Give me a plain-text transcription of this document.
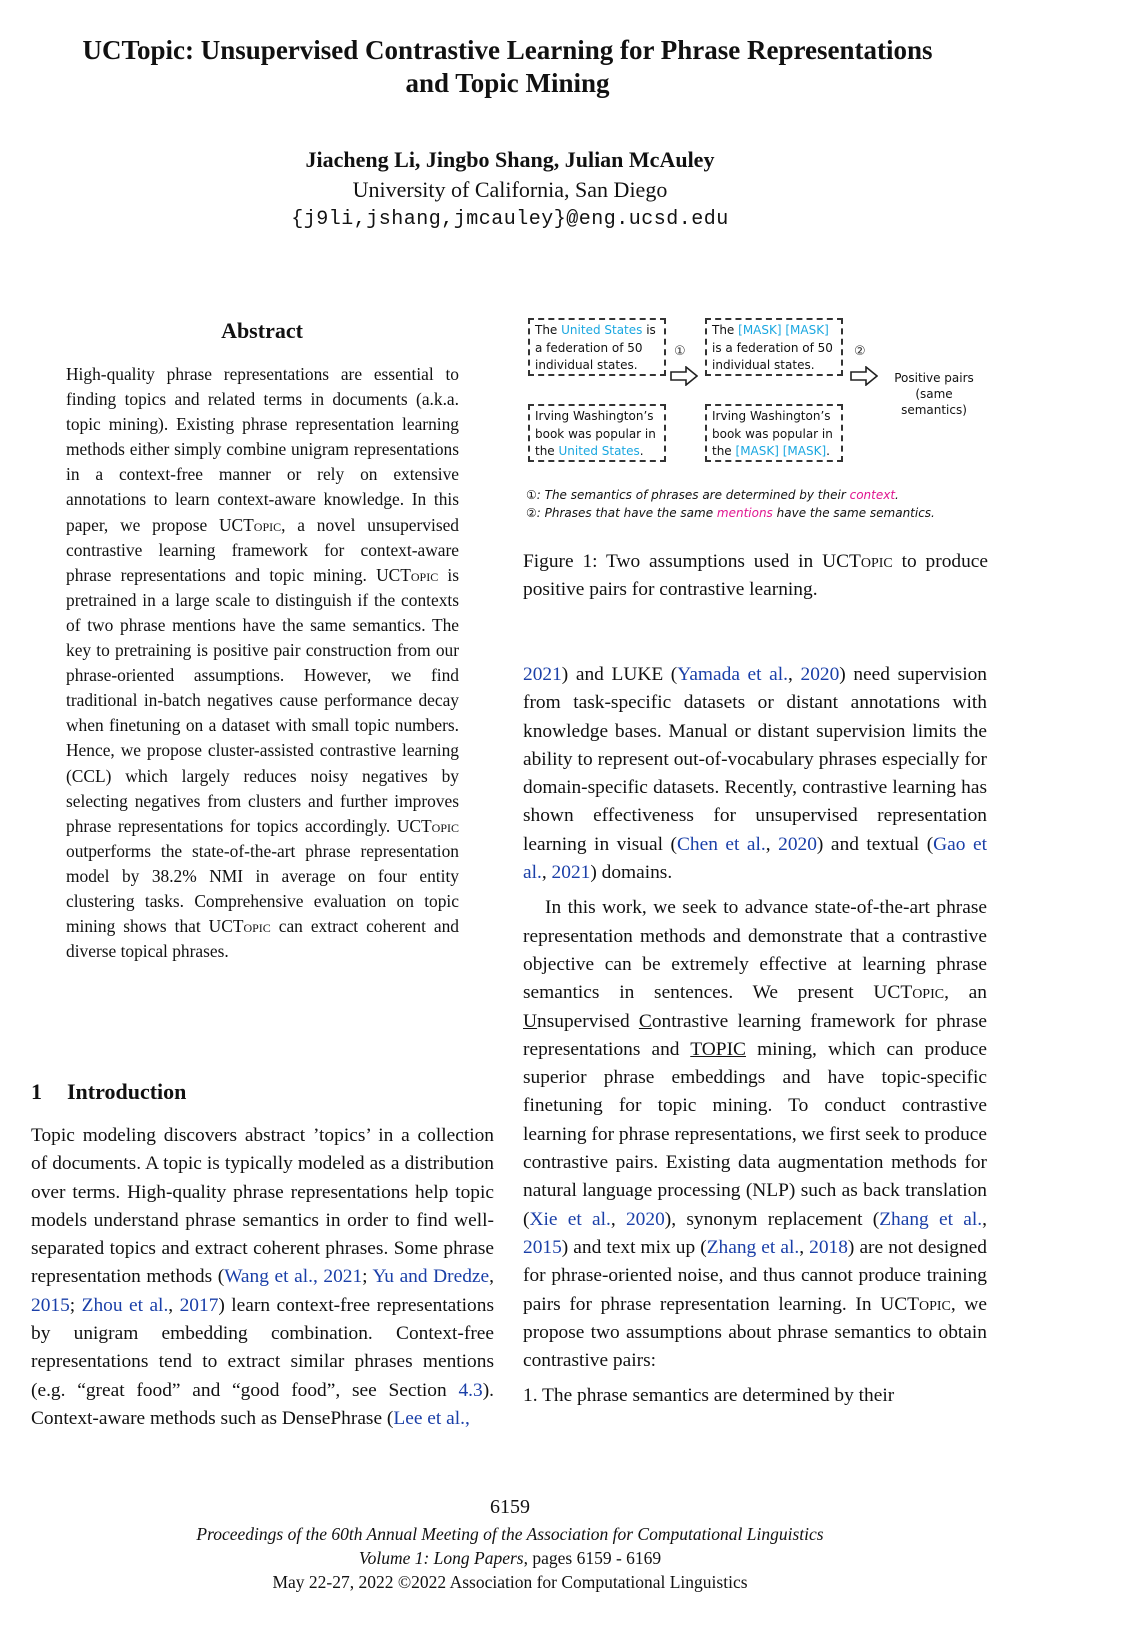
UCTopic: Unsupervised Contrastive Learning for Phrase Representations
and Topic Mining
Jiacheng Li, Jingbo Shang, Julian McAuley
University of California, San Diego
{j9li,jshang,jmcauley}@eng.ucsd.edu
Abstract
High-quality phrase representations are essential to finding topics and related terms in documents (a.k.a. topic mining). Existing phrase representation learning methods either simply combine unigram representations in a context-free manner or rely on extensive annotations to learn context-aware knowledge. In this paper, we propose UCTopic, a novel unsupervised contrastive learning framework for context-aware phrase representations and topic mining. UCTopic is pretrained in a large scale to distinguish if the contexts of two phrase mentions have the same semantics. The key to pretraining is positive pair construction from our phrase-oriented assumptions. However, we find traditional in-batch negatives cause performance decay when finetuning on a dataset with small topic numbers. Hence, we propose cluster-assisted contrastive learning (CCL) which largely reduces noisy negatives by selecting negatives from clusters and further improves phrase representations for topics accordingly. UCTopic outperforms the state-of-the-art phrase representation model by 38.2% NMI in average on four entity clustering tasks. Comprehensive evaluation on topic mining shows that UCTopic can extract coherent and diverse topical phrases.
1 Introduction
Topic modeling discovers abstract ’topics’ in a collection of documents. A topic is typically modeled as a distribution over terms. High-quality phrase representations help topic models understand phrase semantics in order to find well-separated topics and extract coherent phrases. Some phrase representation methods (Wang et al., 2021; Yu and Dredze, 2015; Zhou et al., 2017) learn context-free representations by unigram embedding combination. Context-free representations tend to extract similar phrases mentions (e.g. “great food” and “good food”, see Section 4.3). Context-aware methods such as DensePhrase (Lee et al.,
The United States is a federation of 50 individual states.
Irving Washington’s book was popular in the United States.
①
The [MASK] [MASK] is a federation of 50 individual states.
Irving Washington’s book was popular in the [MASK] [MASK].
②
Positive pairs (same semantics)
①: The semantics of phrases are determined by their context.
②: Phrases that have the same mentions have the same semantics.
Figure 1: Two assumptions used in UCTopic to produce positive pairs for contrastive learning.

2021) and LUKE (Yamada et al., 2020) need supervision from task-specific datasets or distant annotations with knowledge bases. Manual or distant supervision limits the ability to represent out-of-vocabulary phrases especially for domain-specific datasets. Recently, contrastive learning has shown effectiveness for unsupervised representation learning in visual (Chen et al., 2020) and textual (Gao et al., 2021) domains.

In this work, we seek to advance state-of-the-art phrase representation methods and demonstrate that a contrastive objective can be extremely effective at learning phrase semantics in sentences. We present UCTopic, an Unsupervised Contrastive learning framework for phrase representations and TOPIC mining, which can produce superior phrase embeddings and have topic-specific finetuning for topic mining. To conduct contrastive learning for phrase representations, we first seek to produce contrastive pairs. Existing data augmentation methods for natural language processing (NLP) such as back translation (Xie et al., 2020), synonym replacement (Zhang et al., 2015) and text mix up (Zhang et al., 2018) are not designed for phrase-oriented noise, and thus cannot produce training pairs for phrase representation learning. In UCTopic, we propose two assumptions about phrase semantics to obtain contrastive pairs:

1. The phrase semantics are determined by their

6159
Proceedings of the 60th Annual Meeting of the Association for Computational Linguistics
Volume 1: Long Papers, pages 6159 - 6169
May 22-27, 2022 ©2022 Association for Computational Linguistics
